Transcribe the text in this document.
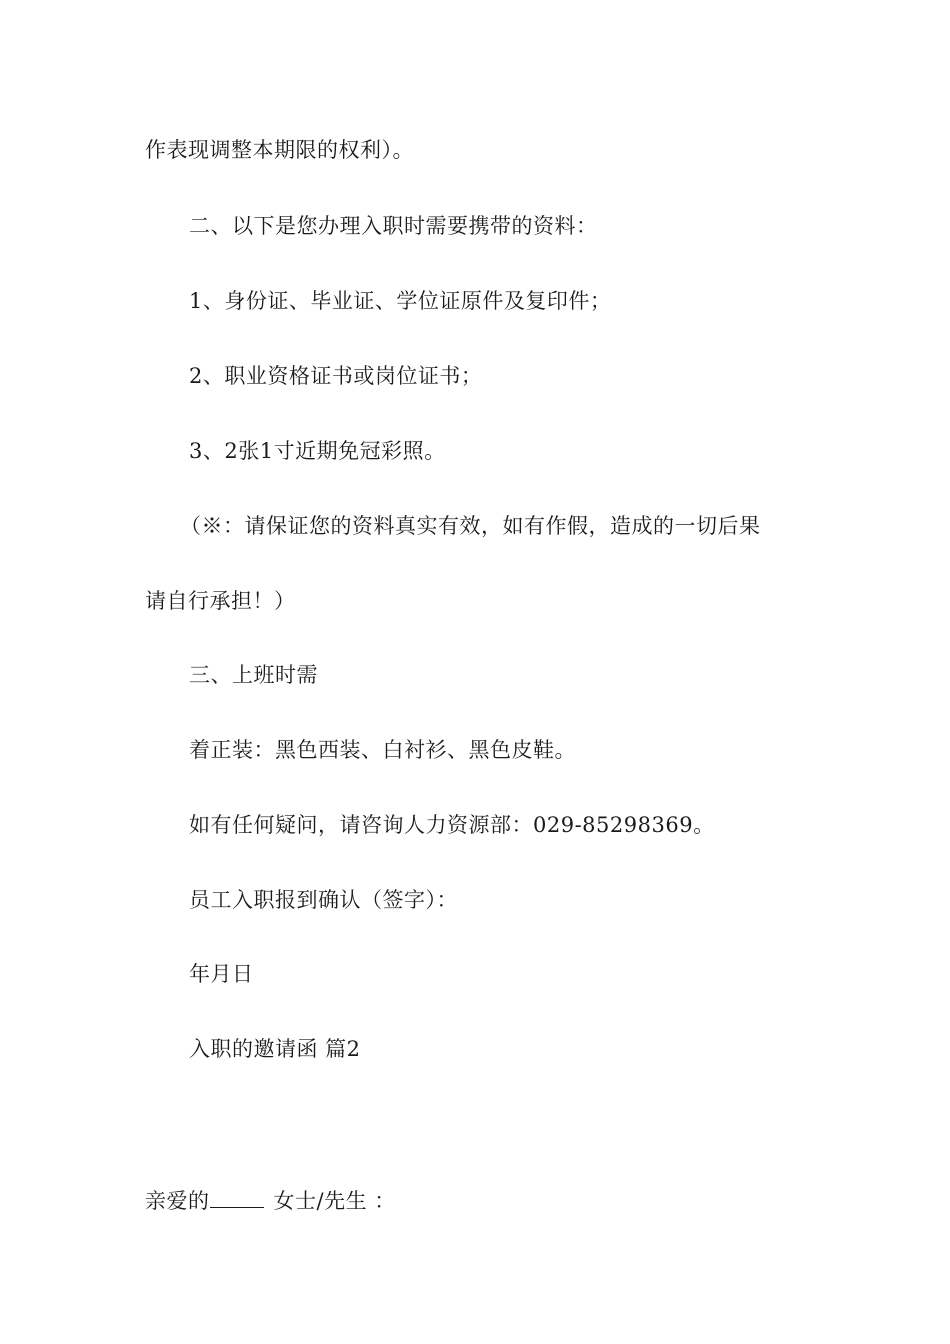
作表现调整本期限的权利）。
二、以下是您办理入职时需要携带的资料：
1、身份证、毕业证、学位证原件及复印件；
2、职业资格证书或岗位证书；
3、2张1寸近期免冠彩照。
（※：请保证您的资料真实有效，如有作假，造成的一切后果
请自行承担！）
三、上班时需
着正装：黑色西装、白衬衫、黑色皮鞋。
如有任何疑问，请咨询人力资源部：029-85298369。
员工入职报到确认（签字）：
年月日
入职的邀请函 篇2
亲爱的	女士/先生 ：
